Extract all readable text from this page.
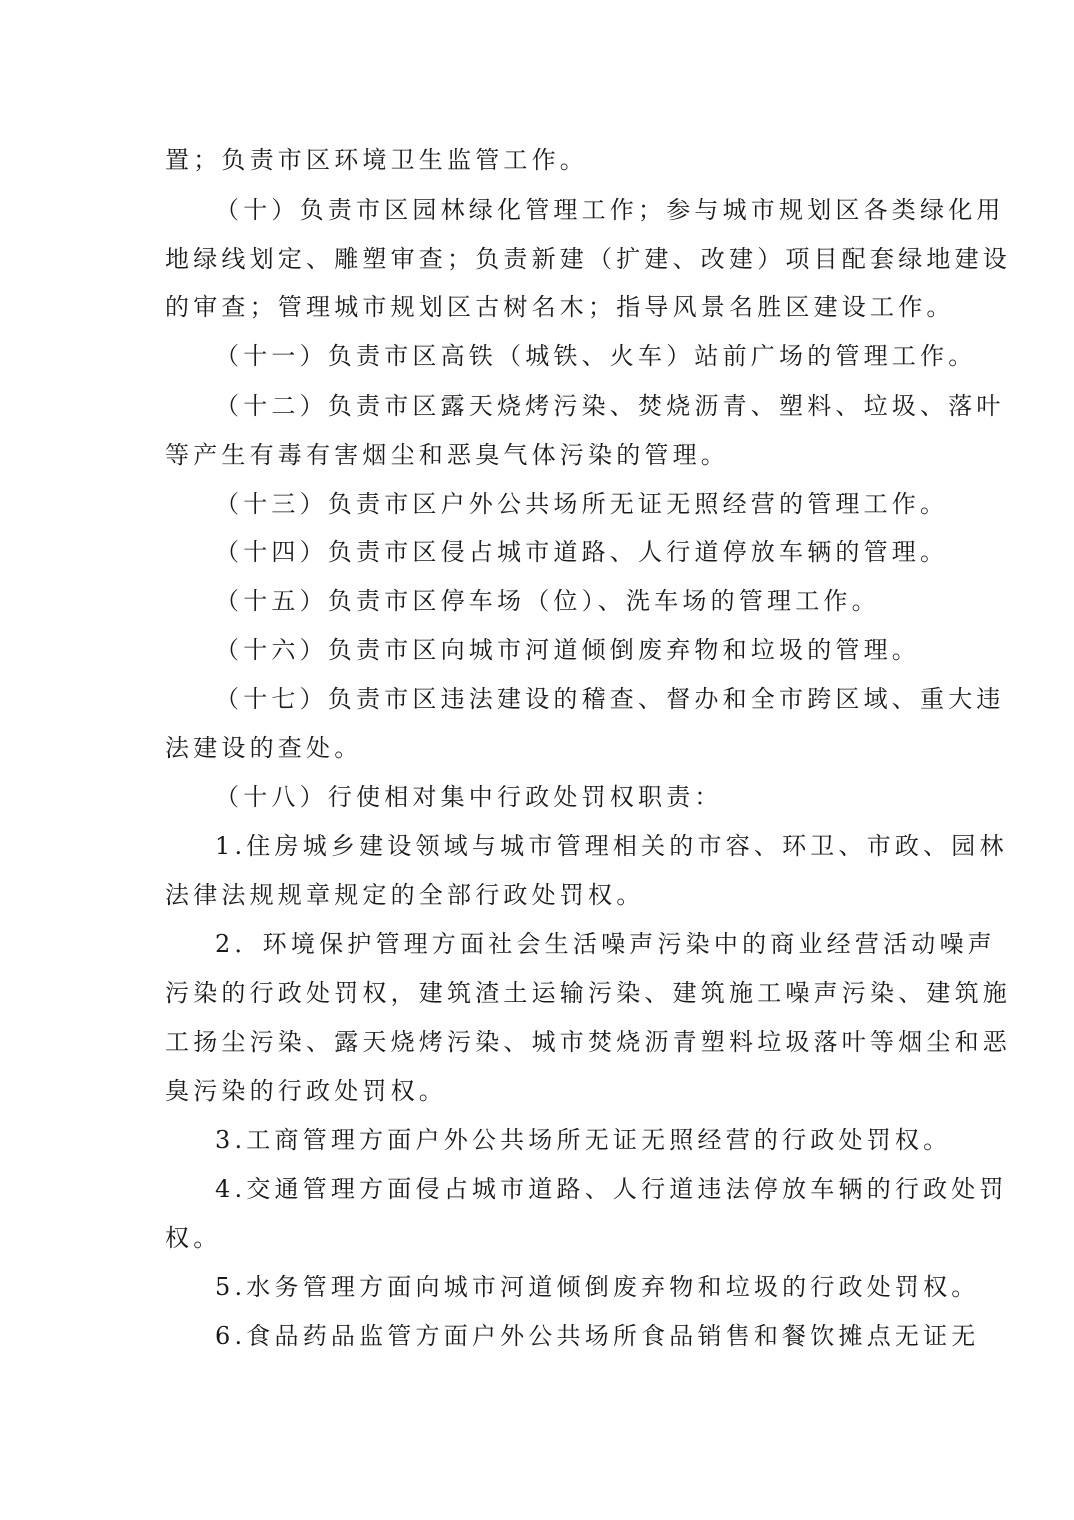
置；负责市区环境卫生监管工作。
（十）负责市区园林绿化管理工作；参与城市规划区各类绿化用
地绿线划定、雕塑审查；负责新建（扩建、改建）项目配套绿地建设
的审查；管理城市规划区古树名木；指导风景名胜区建设工作。
（十一）负责市区高铁（城铁、火车）站前广场的管理工作。
（十二）负责市区露天烧烤污染、焚烧沥青、塑料、垃圾、落叶
等产生有毒有害烟尘和恶臭气体污染的管理。
（十三）负责市区户外公共场所无证无照经营的管理工作。
（十四）负责市区侵占城市道路、人行道停放车辆的管理。
（十五）负责市区停车场（位）、洗车场的管理工作。
（十六）负责市区向城市河道倾倒废弃物和垃圾的管理。
（十七）负责市区违法建设的稽查、督办和全市跨区域、重大违
法建设的查处。
（十八）行使相对集中行政处罚权职责：
1.住房城乡建设领域与城市管理相关的市容、环卫、市政、园林
法律法规规章规定的全部行政处罚权。
2．环境保护管理方面社会生活噪声污染中的商业经营活动噪声
污染的行政处罚权，建筑渣土运输污染、建筑施工噪声污染、建筑施
工扬尘污染、露天烧烤污染、城市焚烧沥青塑料垃圾落叶等烟尘和恶
臭污染的行政处罚权。
3.工商管理方面户外公共场所无证无照经营的行政处罚权。
4.交通管理方面侵占城市道路、人行道违法停放车辆的行政处罚
权。
5.水务管理方面向城市河道倾倒废弃物和垃圾的行政处罚权。
6.食品药品监管方面户外公共场所食品销售和餐饮摊点无证无
